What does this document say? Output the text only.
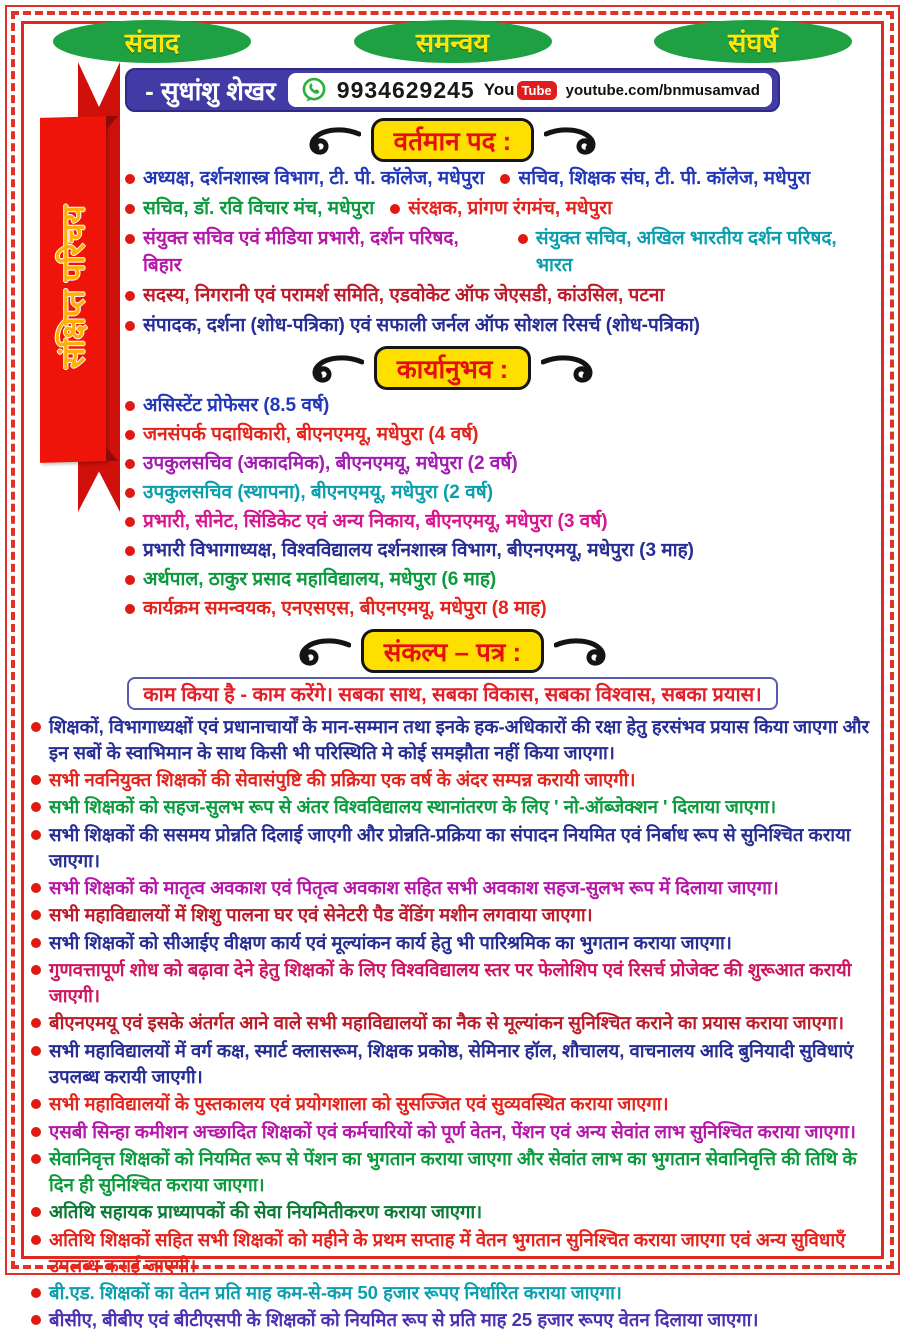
संवाद	समन्वय	संघर्ष
- सुधांशु शेखर	9934629245 You Tube youtube.com/bnmusamvad
वर्तमान पद :
अध्यक्ष, दर्शनशास्त्र विभाग, टी. पी. कॉलेज, मधेपुरा सचिव, शिक्षक संघ, टी. पी. कॉलेज, मधेपुरा
सचिव, डॉ. रवि विचार मंच, मधेपुरा संरक्षक, प्रांगण रंगमंच, मधेपुरा
संयुक्त सचिव एवं मीडिया प्रभारी, दर्शन परिषद, बिहार
संयुक्त सचिव, अखिल भारतीय दर्शन परिषद, भारत
सदस्य, निगरानी एवं परामर्श समिति, एडवोकेट ऑफ जेएसडी, कांउसिल, पटना
संपादक, दर्शना (शोध-पत्रिका) एवं सफाली जर्नल ऑफ सोशल रिसर्च (शोध-पत्रिका)
कार्यानुभव :
असिस्टेंट प्रोफेसर (8.5 वर्ष)
जनसंपर्क पदाधिकारी, बीएनएमयू, मधेपुरा (4 वर्ष)
उपकुलसचिव (अकादमिक), बीएनएमयू, मधेपुरा (2 वर्ष)
उपकुलसचिव (स्थापना), बीएनएमयू, मधेपुरा (2 वर्ष)
प्रभारी, सीनेट, सिंडिकेट एवं अन्य निकाय, बीएनएमयू, मधेपुरा (3 वर्ष)
प्रभारी विभागाध्यक्ष, विश्वविद्यालय दर्शनशास्त्र विभाग, बीएनएमयू, मधेपुरा (3 माह)
अर्थपाल, ठाकुर प्रसाद महाविद्यालय, मधेपुरा (6 माह)
कार्यक्रम समन्वयक, एनएसएस, बीएनएमयू, मधेपुरा (8 माह)
संकल्प – पत्र :
काम किया है - काम करेंगे। सबका साथ, सबका विकास, सबका विश्वास, सबका प्रयास।
शिक्षकों, विभागाध्यक्षों एवं प्रधानाचार्यों के मान-सम्मान तथा इनके हक-अधिकारों की रक्षा हेतु हरसंभव प्रयास किया जाएगा और इन सबों के स्वाभिमान के साथ किसी भी परिस्थिति मे कोई समझौता नहीं किया जाएगा।
सभी नवनियुक्त शिक्षकों की सेवासंपुष्टि की प्रक्रिया एक वर्ष के अंदर सम्पन्न करायी जाएगी।
सभी शिक्षकों को सहज-सुलभ रूप से अंतर विश्वविद्यालय स्थानांतरण के लिए ' नो-ऑब्जेक्शन ' दिलाया जाएगा।
सभी शिक्षकों की ससमय प्रोन्नति दिलाई जाएगी और प्रोन्नति-प्रक्रिया का संपादन नियमित एवं निर्बाध रूप से सुनिश्चित कराया जाएगा।
सभी शिक्षकों को मातृत्व अवकाश एवं पितृत्व अवकाश सहित सभी अवकाश सहज-सुलभ रूप में दिलाया जाएगा।
सभी महाविद्यालयों में शिशु पालना घर एवं सेनेटरी पैड वेंडिंग मशीन लगवाया जाएगा।
सभी शिक्षकों को सीआईए वीक्षण कार्य एवं मूल्यांकन कार्य हेतु भी पारिश्रमिक का भुगतान कराया जाएगा।
गुणवत्तापूर्ण शोध को बढ़ावा देने हेतु शिक्षकों के लिए विश्वविद्यालय स्तर पर फेलोशिप एवं रिसर्च प्रोजेक्ट की शुरूआत करायी जाएगी।
बीएनएमयू एवं इसके अंतर्गत आने वाले सभी महाविद्यालयों का नैक से मूल्यांकन सुनिश्चित कराने का प्रयास कराया जाएगा।
सभी महाविद्यालयों में वर्ग कक्ष, स्मार्ट क्लासरूम, शिक्षक प्रकोष्ठ, सेमिनार हॉल, शौचालय, वाचनालय आदि बुनियादी सुविधाएं उपलब्ध करायी जाएगी।
सभी महाविद्यालयों के पुस्तकालय एवं प्रयोगशाला को सुसज्जित एवं सुव्यवस्थित कराया जाएगा।
एसबी सिन्हा कमीशन अच्छादित शिक्षकों एवं कर्मचारियों को पूर्ण वेतन, पेंशन एवं अन्य सेवांत लाभ सुनिश्चित कराया जाएगा।
सेवानिवृत्त शिक्षकों को नियमित रूप से पेंशन का भुगतान कराया जाएगा और सेवांत लाभ का भुगतान सेवानिवृत्ति की तिथि के दिन ही सुनिश्चित कराया जाएगा।
अतिथि सहायक प्राध्यापकों की सेवा नियमितीकरण कराया जाएगा।
अतिथि शिक्षकों सहित सभी शिक्षकों को महीने के प्रथम सप्ताह में वेतन भुगतान सुनिश्चित कराया जाएगा एवं अन्य सुविधाएँ उपलब्ध कराई जाएगी।
बी.एड. शिक्षकों का वेतन प्रति माह कम-से-कम 50 हजार रूपए निर्धारित कराया जाएगा।
बीसीए, बीबीए एवं बीटीएसपी के शिक्षकों को नियमित रूप से प्रति माह 25 हजार रूपए वेतन दिलाया जाएगा।
संक्षिप्त परिचय
